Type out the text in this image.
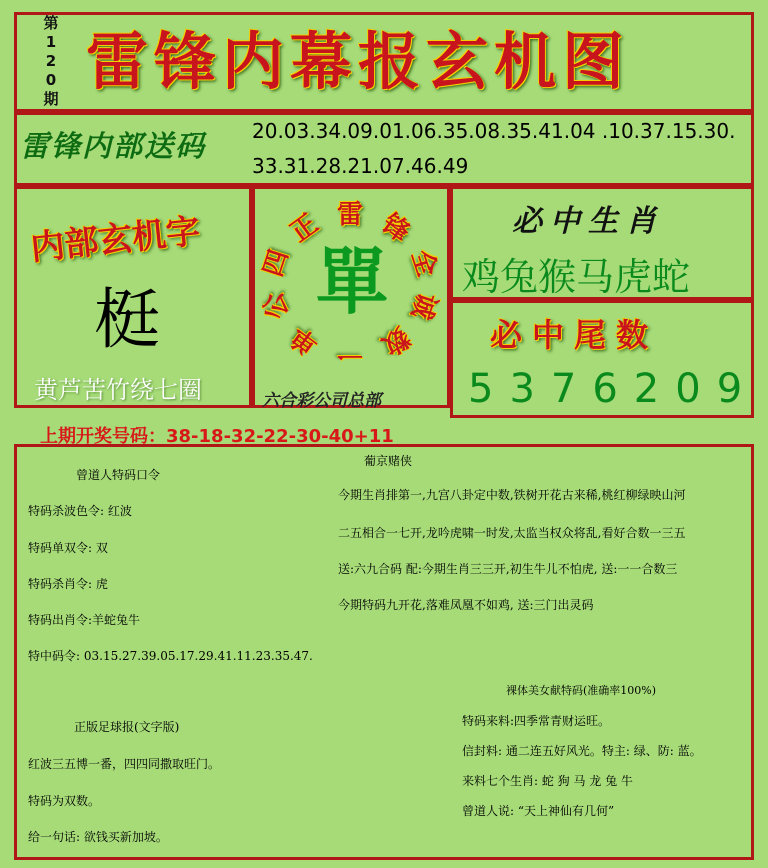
第
1
2
0
期
雷锋内幕报玄机图
雷锋内部送码 20.03.34.09.01.06.35.08.35.41.04 .10.37.15.30.
33.31.28.21.07.46.49
内部玄机字
梃
黄芦苦竹绕七圈
雷 锋
全
诚
数
一
单
公
四
正
單
六合彩公司总部
必中生肖
鸡兔猴马虎蛇
必中尾数
5376209
上期开奖号码：38-18-32-22-30-40+11
曾道人特码口令
特码杀波色令: 红波
特码单双令: 双
特码杀肖令: 虎
特码出肖令:羊蛇兔牛
特中码令: 03.15.27.39.05.17.29.41.11.23.35.47.
正版足球报(文字版)
红波三五博一番，四四同撒取旺门。
特码为双数。
给一句话: 欲钱买新加坡。
葡京赌侠
今期生肖排第一,九宫八卦定中数,铁树开花古来稀,桃红柳绿映山河
二五相合一七开,龙吟虎啸一时发,太监当权众将乱,看好合数一三五
送:六九合码 配:今期生肖三三开,初生牛儿不怕虎, 送:一一合数三
今期特码九开花,落难凤凰不如鸡, 送:三门出灵码
裸体美女献特码(准确率100%)
特码来料:四季常青财运旺。
信封料: 通二连五好风光。特主: 绿、防: 蓝。
来料七个生肖: 蛇 狗 马 龙 兔 牛
曾道人说: “天上神仙有几何”
